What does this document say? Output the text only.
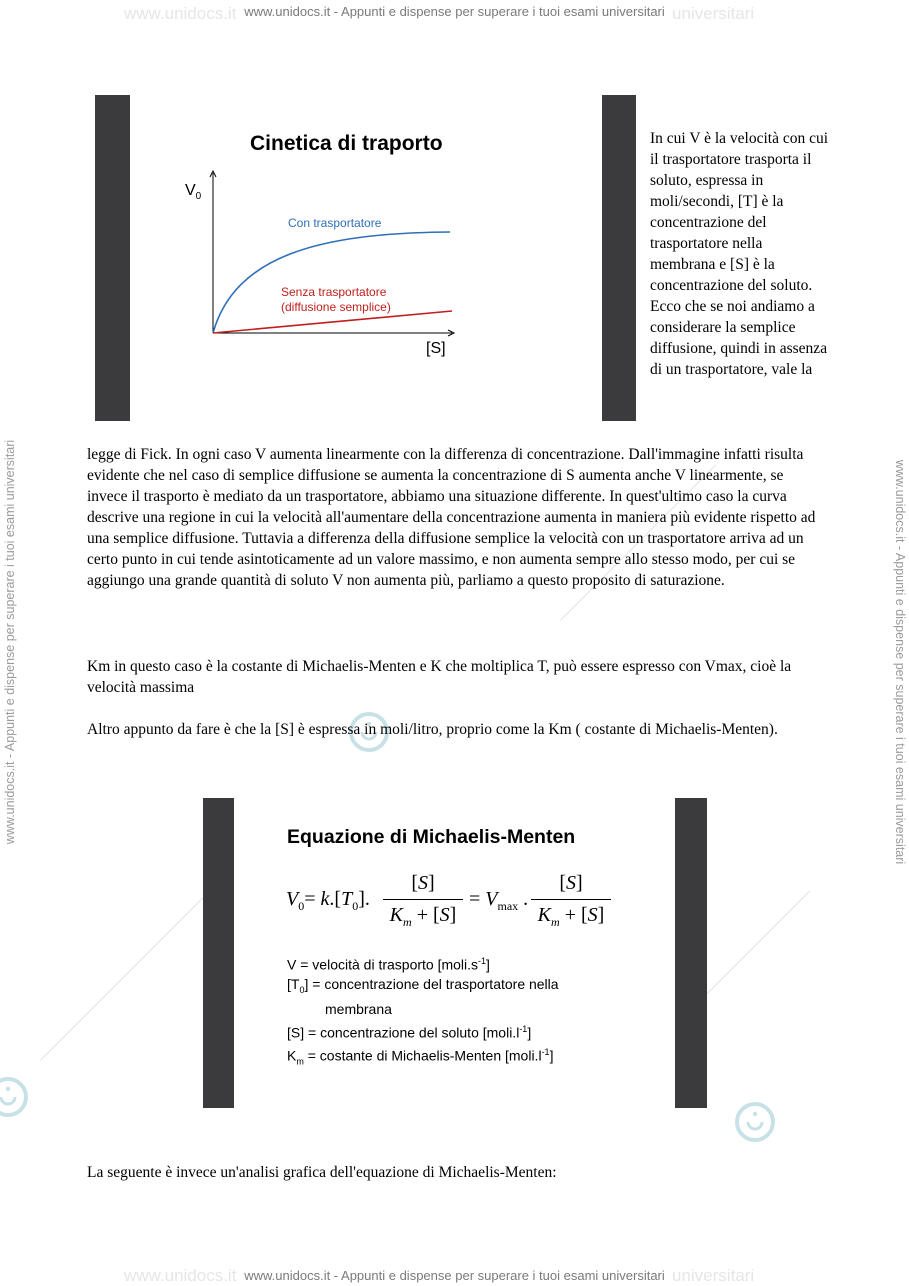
www.unidocs.it	universitari
www.unidocs.it - Appunti e dispense per superare i tuoi esami universitari
www.unidocs.it	universitari
www.unidocs.it - Appunti e dispense per superare i tuoi esami universitari
www.unidocs.it - Appunti e dispense per superare i tuoi esami universitari	www.unidocs.it - Appunti e dispense per superare i tuoi esami universitari
Cinetica di traporto
$V_0$
Con trasportatore
Senza trasportatore
(diffusione semplice)
[S]
In cui V è la velocità con cui il trasportatore trasporta il soluto, espressa in moli/secondi, [T] è la concentrazione del trasportatore nella membrana e [S] è la concentrazione del soluto. Ecco che se noi andiamo a considerare la semplice diffusione, quindi in assenza di un trasportatore, vale la
legge di Fick. In ogni caso V aumenta linearmente con la differenza di concentrazione. Dall'immagine infatti risulta evidente che nel caso di semplice diffusione se aumenta la concentrazione di S aumenta anche V linearmente, se invece il trasporto è mediato da un trasportatore, abbiamo una situazione differente. In quest'ultimo caso la curva descrive una regione in cui la velocità all'aumentare della concentrazione aumenta in maniera più evidente rispetto ad una semplice diffusione. Tuttavia a differenza della diffusione semplice la velocità con un trasportatore arriva ad un certo punto in cui tende asintoticamente ad un valore massimo, e non aumenta sempre allo stesso modo, per cui se aggiungo una grande quantità di soluto V non aumenta più, parliamo a questo proposito di saturazione.
Km in questo caso è la costante di Michaelis-Menten e K che moltiplica T, può essere espresso con Vmax, cioè la velocità massima
Altro appunto da fare è che la [S] è espressa in moli/litro, proprio come la Km ( costante di Michaelis-Menten).
Equazione di Michaelis-Menten
$V_0= k.[T_0]$.
[S]
$K_m + [S]$
= $V_{max}$ .
[S]
$K_m + [S]$
V = velocità di trasporto $[moli.s^{-1}]$
$[T_0]$ = concentrazione del trasportatore nella
membrana
[S] = concentrazione del soluto $[moli.l^{-1}]$
$K_m$ = costante di Michaelis-Menten $[moli.l^{-1}]$
La seguente è invece un'analisi grafica dell'equazione di Michaelis-Menten:
